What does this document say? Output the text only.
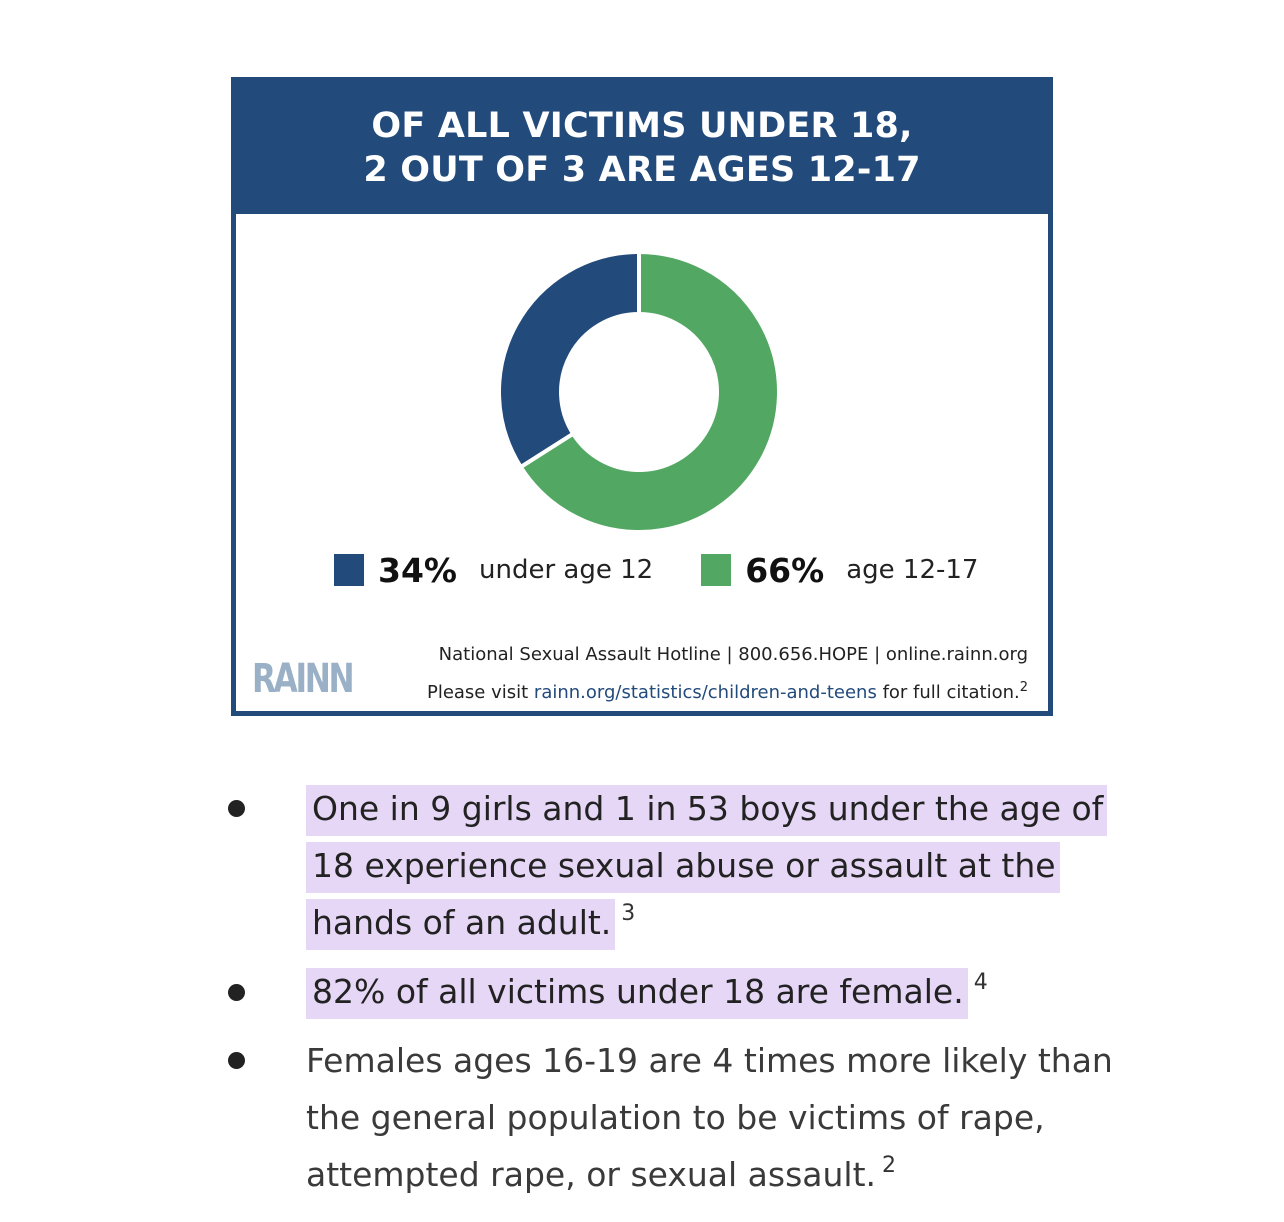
OF ALL VICTIMS UNDER 18,
2 OUT OF 3 ARE AGES 12-17
34% under age 12	66% age 12-17
RAINN
National Sexual Assault Hotline | 800.656.HOPE | online.rainn.org
Please visit rainn.org/statistics/children-and-teens for full citation.$^2$
One in 9 girls and 1 in 53 boys under the age of 18 experience sexual abuse or assault at the hands of an adult. $^3$
82% of all victims under 18 are female. $^4$
Females ages 16-19 are 4 times more likely than the general population to be victims of rape, attempted rape, or sexual assault. $^2$
